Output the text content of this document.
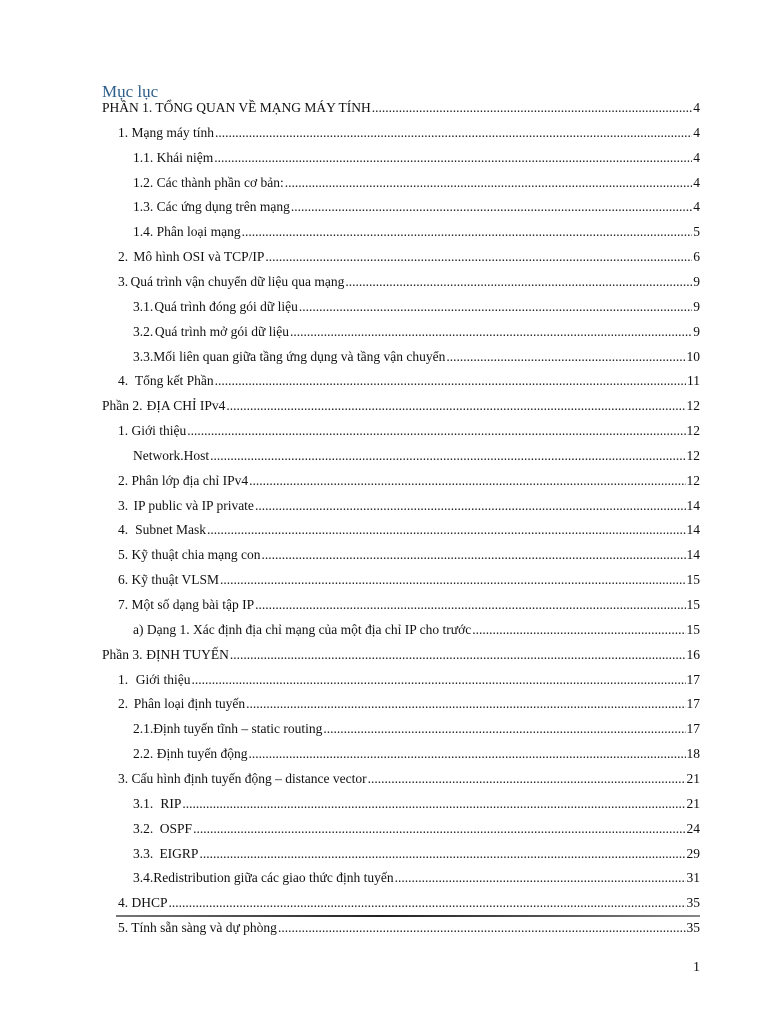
Mục lục
PHẦN 1. TỔNG QUAN VỀ MẠNG MÁY TÍNH .....	4
1. Mạng máy tính .....	4
1.1. Khái niệm .....	4
1.2. Các thành phần cơ bản: .....	4
1.3. Các ứng dụng trên mạng .....	4
1.4. Phân loại mạng .....	5
2. Mô hình OSI và TCP/IP .....	6
3. Quá trình vận chuyển dữ liệu qua mạng .....	9
3.1. Quá trình đóng gói dữ liệu .....	9
3.2. Quá trình mở gói dữ liệu .....	9
3.3. Mối liên quan giữa tầng ứng dụng và tầng vận chuyển .....	10
4. Tổng kết Phần .....	11
Phần 2. ĐỊA CHỈ IPv4 .....	12
1. Giới thiệu .....	12
Network.Host .....	12
2. Phân lớp địa chỉ IPv4 .....	12
3. IP public và IP private .....	14
4. Subnet Mask .....	14
5. Kỹ thuật chia mạng con .....	14
6. Kỹ thuật VLSM .....	15
7. Một số dạng bài tập IP .....	15
a) Dạng 1. Xác định địa chỉ mạng của một địa chỉ IP cho trước .....	15
Phần 3. ĐỊNH TUYẾN .....	16
1. Giới thiệu .....	17
2. Phân loại định tuyến .....	17
2.1. Định tuyến tĩnh – static routing .....	17
2.2. Định tuyến động .....	18
3. Cấu hình định tuyến động – distance vector .....	21
3.1. RIP .....	21
3.2. OSPF .....	24
3.3. EIGRP .....	29
3.4. Redistribution giữa các giao thức định tuyến .....	31
4. DHCP .....	35
5. Tính sẵn sàng và dự phòng .....	35
1
